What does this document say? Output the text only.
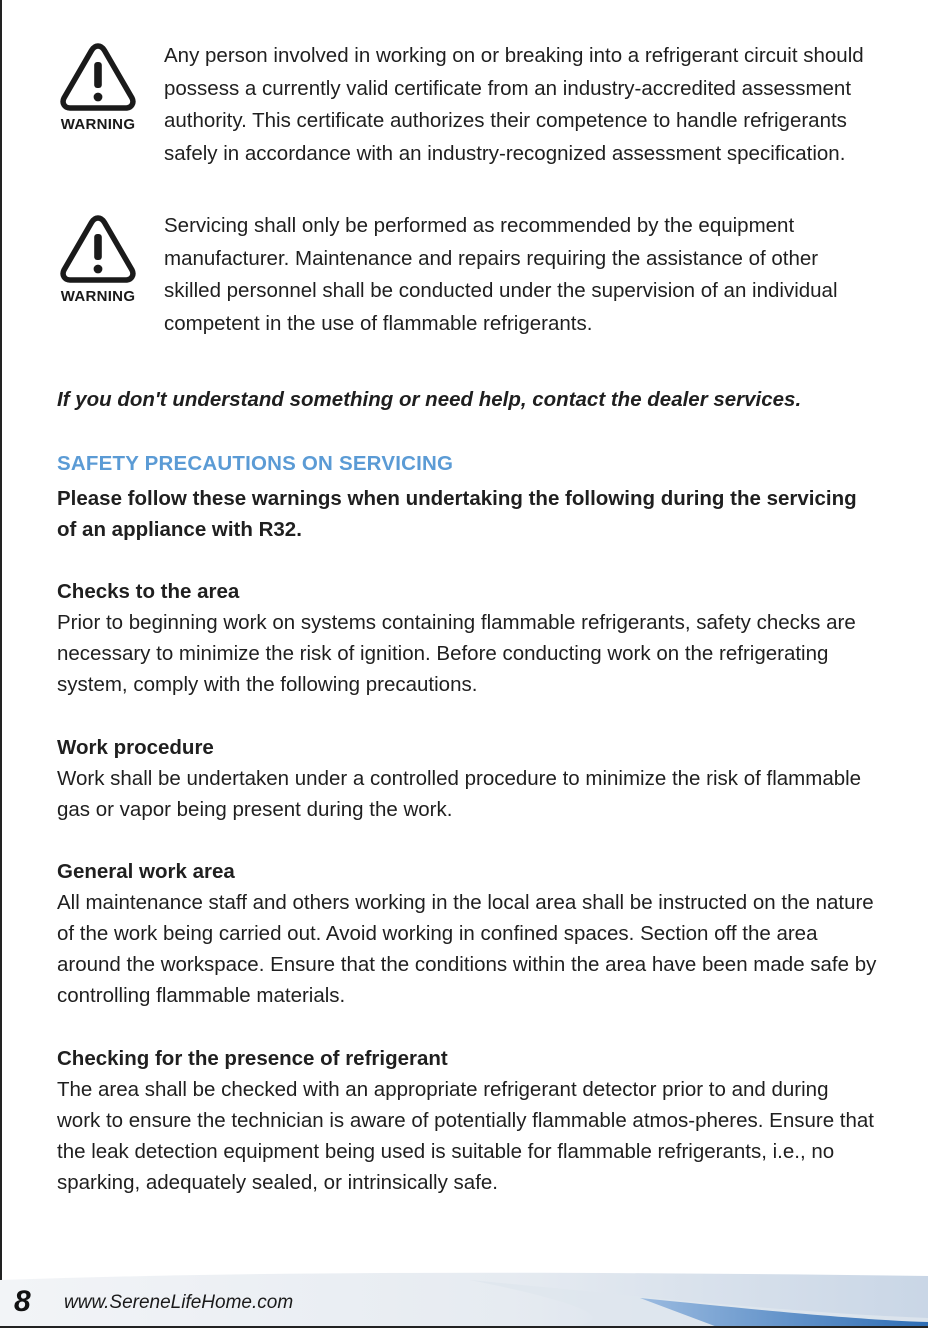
WARNING
Any person involved in working on or breaking into a refrigerant circuit should possess a currently valid certificate from an industry-accredited assessment authority. This certificate authorizes their competence to handle refrigerants safely in accordance with an industry-recognized assessment specification.
WARNING
Servicing shall only be performed as recommended by the equipment manufacturer. Maintenance and repairs requiring the assistance of other skilled personnel shall be conducted under the supervision of an individual competent in the use of flammable refrigerants.
If you don't understand something or need help, contact the dealer services.
SAFETY PRECAUTIONS ON SERVICING
Please follow these warnings when undertaking the following during the servicing of an appliance with R32.
Checks to the area
Prior to beginning work on systems containing flammable refrigerants, safety checks are necessary to minimize the risk of ignition. Before conducting work on the refrigerating system, comply with the following precautions.
Work procedure
Work shall be undertaken under a controlled procedure to minimize the risk of flammable gas or vapor being present during the work.
General work area
All maintenance staff and others working in the local area shall be instructed on the nature of the work being carried out. Avoid working in confined spaces. Section off the area around the workspace. Ensure that the conditions within the area have been made safe by controlling flammable materials.
Checking for the presence of refrigerant
The area shall be checked with an appropriate refrigerant detector prior to and during work to ensure the technician is aware of potentially flammable atmos-pheres. Ensure that the leak detection equipment being used is suitable for flammable refrigerants, i.e., no sparking, adequately sealed, or intrinsically safe.
8 www.SereneLifeHome.com
